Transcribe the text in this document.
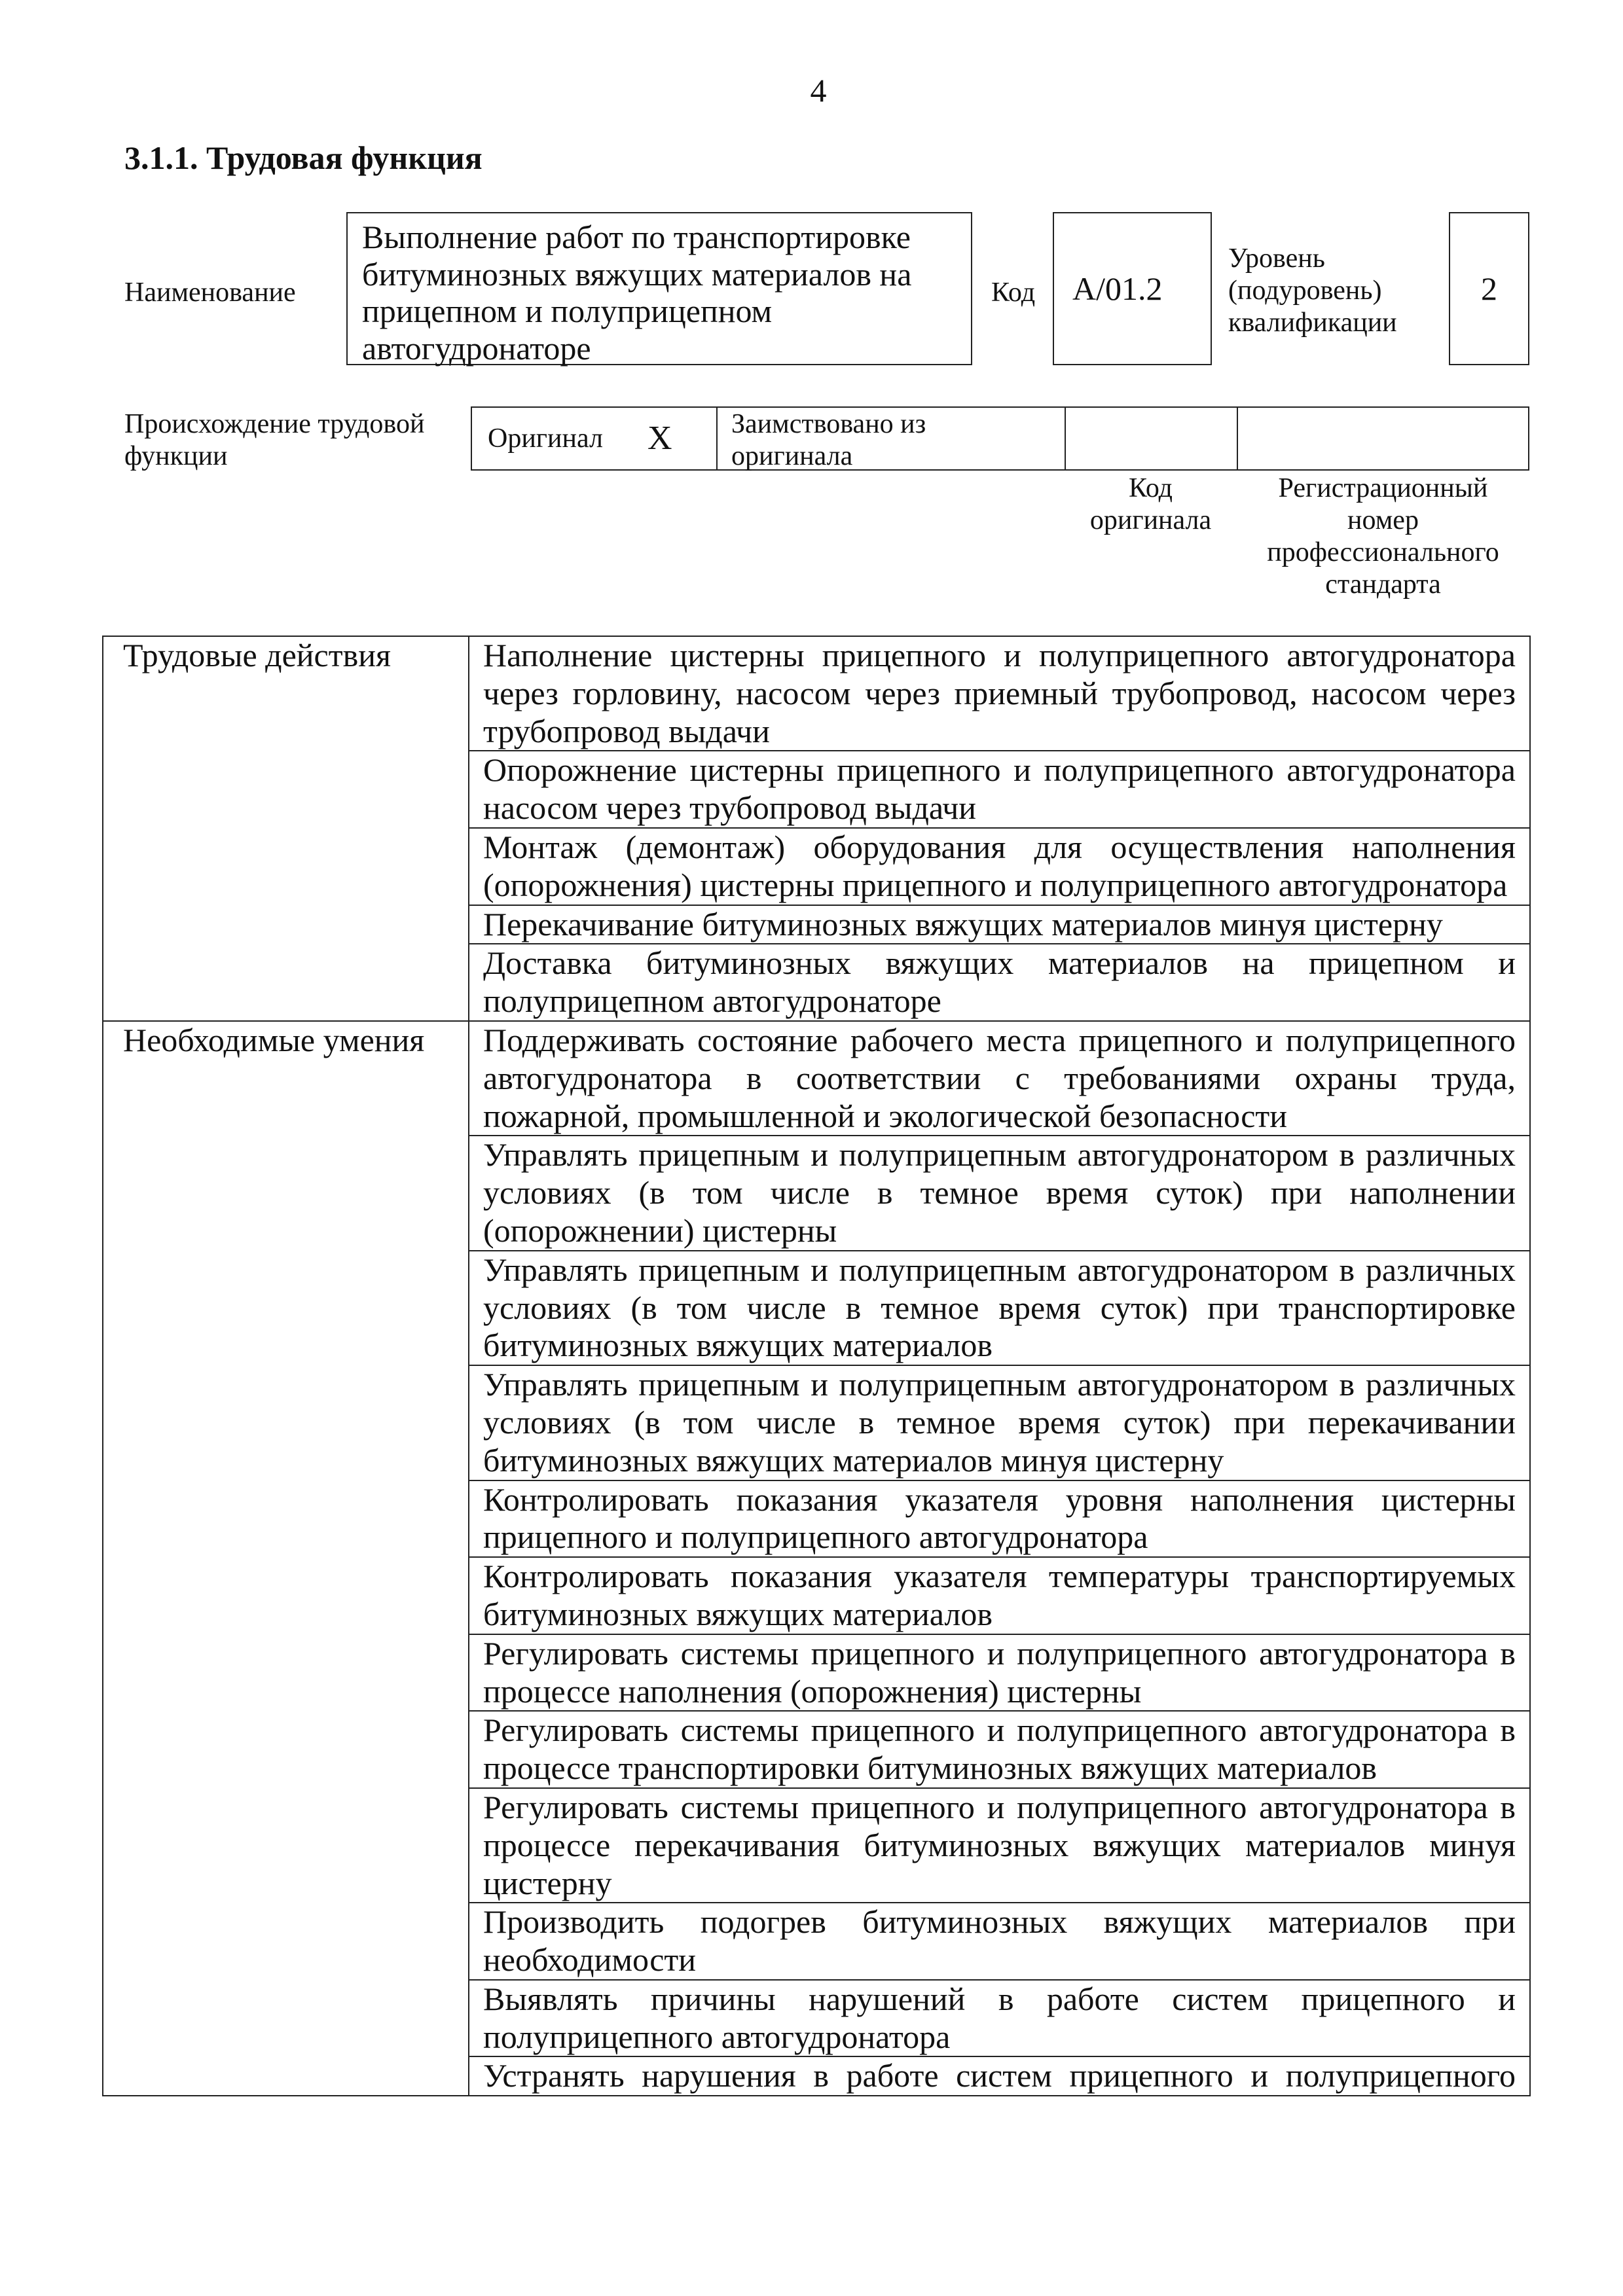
4
3.1.1. Трудовая функция
Наименование
Выполнение работ по транспортировке
битуминозных вяжущих материалов на
прицепном и полуприцепном
автогудронаторе
Код A/01.2
Уровень
(подуровень)
квалификации
2
Происхождение трудовой
функции
Оригинал X Заимствовано из
оригинала
Код
оригинала
Регистрационный
номер
профессионального
стандарта
Трудовые действия	Наполнение цистерны прицепного и полуприцепного автогудронатора
через горловину, насосом через приемный трубопровод, насосом через
трубопровод выдачи

	Опорожнение цистерны прицепного и полуприцепного автогудронатора
насосом через трубопровод выдачи

	Монтаж (демонтаж) оборудования для осуществления наполнения
(опорожнения) цистерны прицепного и полуприцепного автогудронатора

	Перекачивание битуминозных вяжущих материалов минуя цистерну

	Доставка битуминозных вяжущих материалов на прицепном и
полуприцепном автогудронаторе

Необходимые умения	Поддерживать состояние рабочего места прицепного и полуприцепного
автогудронатора в соответствии с требованиями охраны труда,
пожарной, промышленной и экологической безопасности

	Управлять прицепным и полуприцепным автогудронатором в различных
условиях (в том числе в темное время суток) при наполнении
(опорожнении) цистерны

	Управлять прицепным и полуприцепным автогудронатором в различных
условиях (в том числе в темное время суток) при транспортировке
битуминозных вяжущих материалов

	Управлять прицепным и полуприцепным автогудронатором в различных
условиях (в том числе в темное время суток) при перекачивании
битуминозных вяжущих материалов минуя цистерну

	Контролировать показания указателя уровня наполнения цистерны
прицепного и полуприцепного автогудронатора

	Контролировать показания указателя температуры транспортируемых
битуминозных вяжущих материалов

	Регулировать системы прицепного и полуприцепного автогудронатора в
процессе наполнения (опорожнения) цистерны

	Регулировать системы прицепного и полуприцепного автогудронатора в
процессе транспортировки битуминозных вяжущих материалов

	Регулировать системы прицепного и полуприцепного автогудронатора в
процессе перекачивания битуминозных вяжущих материалов минуя
цистерну

	Производить подогрев битуминозных вяжущих материалов при
необходимости

	Выявлять причины нарушений в работе систем прицепного и
полуприцепного автогудронатора

	Устранять нарушения в работе систем прицепного и полуприцепного
